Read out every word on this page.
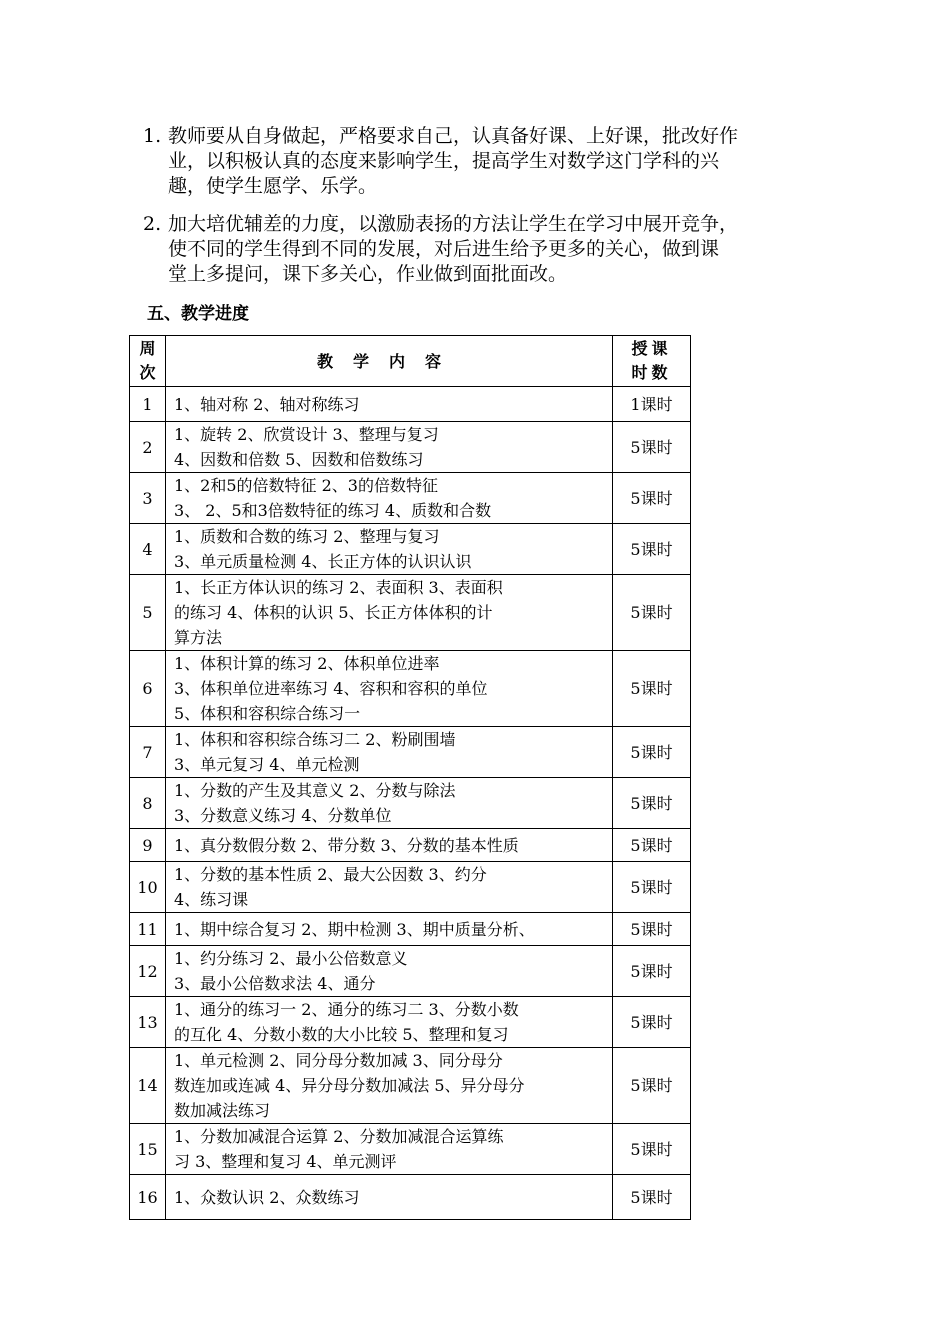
1. 教师要从自身做起，严格要求自己，认真备好课、上好课，批改好作
业，以积极认真的态度来影响学生，提高学生对数学这门学科的兴
趣，使学生愿学、乐学。
2. 加大培优辅差的力度，以激励表扬的方法让学生在学习中展开竞争，
使不同的学生得到不同的发展，对后进生给予更多的关心，做到课
堂上多提问，课下多关心，作业做到面批面改。
五、教学进度
周
次	教学内容	授课
时数

1	1、轴对称 2、轴对称练习	1课时
2	1、旋转 2、欣赏设计 3、整理与复习
4、因数和倍数 5、因数和倍数练习	5课时
3	1、2和5的倍数特征 2、3的倍数特征
3、 2、5和3倍数特征的练习 4、质数和合数	5课时
4	1、质数和合数的练习 2、整理与复习
3、单元质量检测 4、长正方体的认识认识	5课时
5	1、长正方体认识的练习 2、表面积 3、表面积
的练习 4、体积的认识 5、长正方体体积的计
算方法	5课时
6	1、体积计算的练习 2、体积单位进率
3、体积单位进率练习 4、容积和容积的单位
5、体积和容积综合练习一	5课时
7	1、体积和容积综合练习二 2、粉刷围墙
3、单元复习 4、单元检测	5课时
8	1、分数的产生及其意义 2、分数与除法
3、分数意义练习 4、分数单位	5课时
9	1、真分数假分数 2、带分数 3、分数的基本性质	5课时
10	1、分数的基本性质 2、最大公因数 3、约分
4、练习课	5课时
11	1、期中综合复习 2、期中检测 3、期中质量分析、	5课时
12	1、约分练习 2、最小公倍数意义
3、最小公倍数求法 4、通分	5课时
13	1、通分的练习一 2、通分的练习二 3、分数小数
的互化 4、分数小数的大小比较 5、整理和复习	5课时
14	1、单元检测 2、同分母分数加减 3、同分母分
数连加或连减 4、异分母分数加减法 5、异分母分
数加减法练习	5课时
15	1、分数加减混合运算 2、分数加减混合运算练
习 3、整理和复习 4、单元测评	5课时
16	1、众数认识 2、众数练习	5课时
